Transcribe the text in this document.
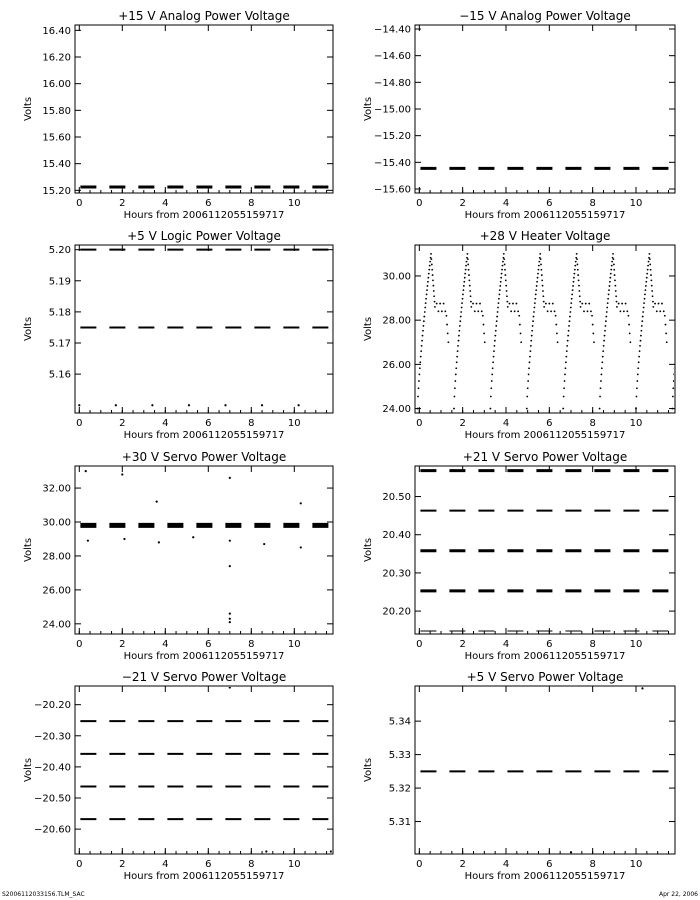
+15 V Analog Power Voltage
0	2	4	6	8	10
15.20
15.40
15.60
15.80
16.00
16.20
16.40
Hours from 2006112055159717
Volts
−15 V Analog Power Voltage
0	2	4	6	8	10
−15.60
−15.40
−15.20
−15.00
−14.80
−14.60
−14.40
Hours from 2006112055159717
Volts
+5 V Logic Power Voltage
0	2	4	6	8	10
5.16
5.17
5.18
5.19
5.20
Hours from 2006112055159717
Volts
+28 V Heater Voltage
0	2	4	6	8	10
24.00
26.00
28.00
30.00
Hours from 2006112055159717
Volts
+30 V Servo Power Voltage
0	2	4	6	8	10
24.00
26.00
28.00
30.00
32.00
Hours from 2006112055159717
Volts
+21 V Servo Power Voltage
0	2	4	6	8	10
20.20
20.30
20.40
20.50
Hours from 2006112055159717
Volts
−21 V Servo Power Voltage
0	2	4	6	8	10
−20.60
−20.50
−20.40
−20.30
−20.20
Hours from 2006112055159717
Volts
+5 V Servo Power Voltage
0	2	4	6	8	10
5.31
5.32
5.33
5.34
Hours from 2006112055159717
Volts
S2006112033156.TLM_SAC	Apr 22, 2006
